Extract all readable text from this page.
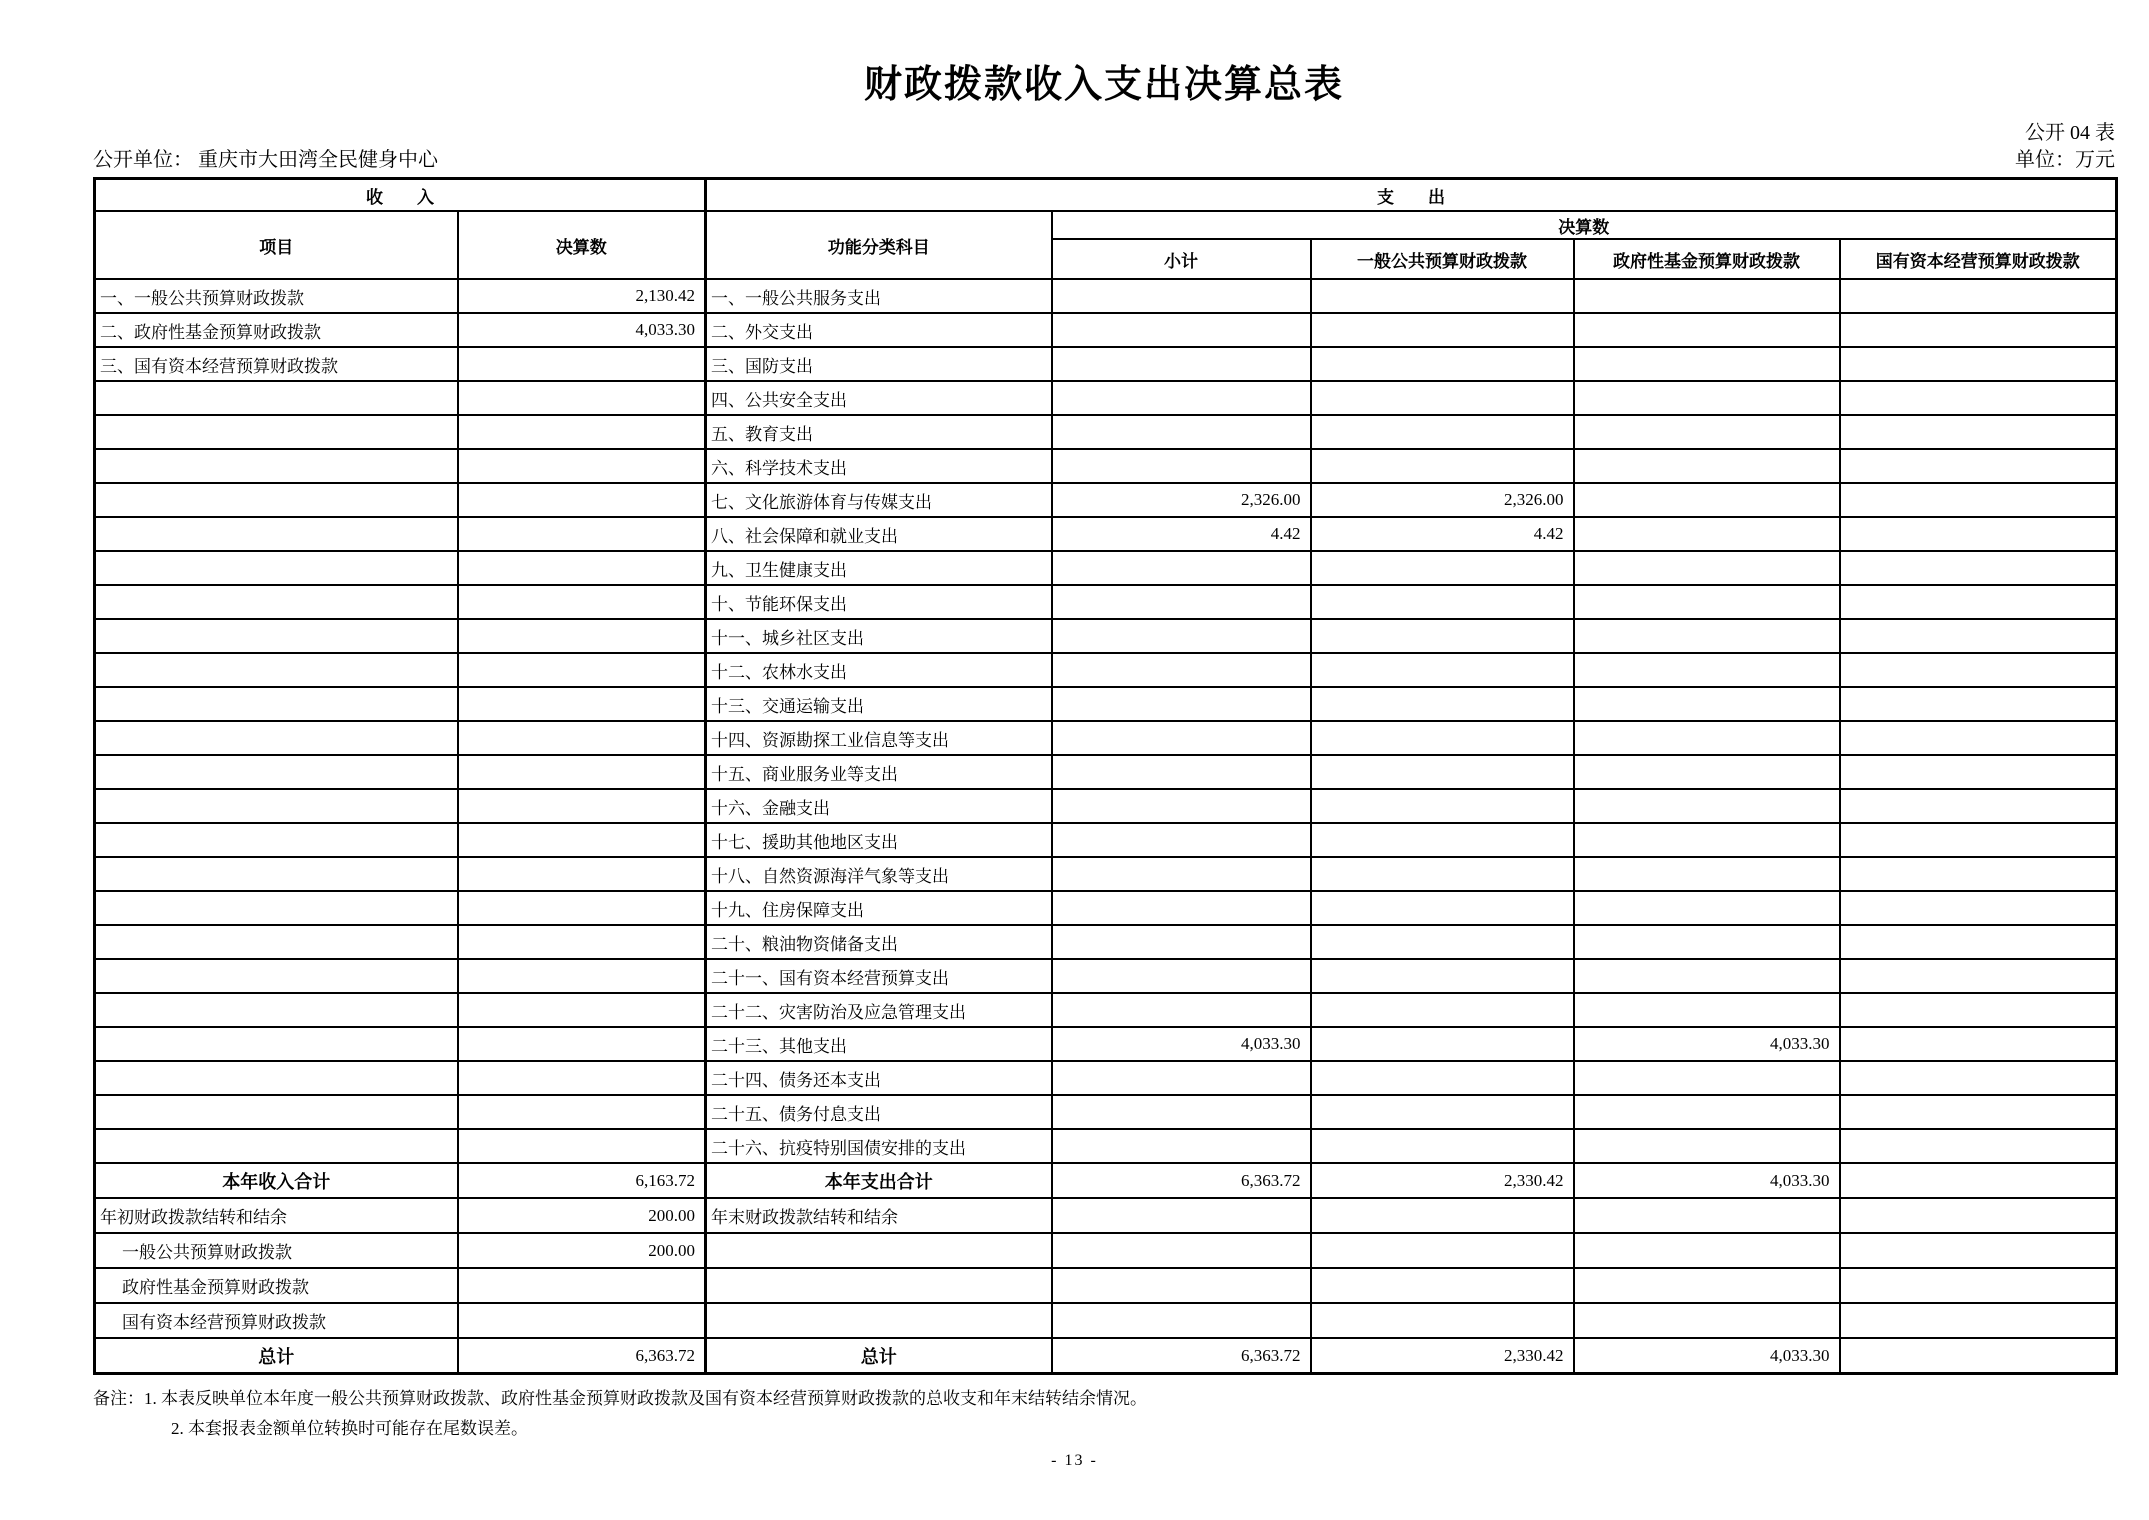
财政拨款收入支出决算总表
公开 04 表
公开单位： 重庆市大田湾全民健身中心	单位：万元
收　　入		支　　出				
项目	决算数	功能分类科目	决算数			
			小计	一般公共预算财政拨款	政府性基金预算财政拨款	国有资本经营预算财政拨款
一、一般公共预算财政拨款	2,130.42	一、一般公共服务支出				
二、政府性基金预算财政拨款	4,033.30	二、外交支出				
三、国有资本经营预算财政拨款		三、国防支出				
		四、公共安全支出				
		五、教育支出				
		六、科学技术支出				
		七、文化旅游体育与传媒支出	2,326.00	2,326.00		
		八、社会保障和就业支出	4.42	4.42		
		九、卫生健康支出				
		十、节能环保支出				
		十一、城乡社区支出				
		十二、农林水支出				
		十三、交通运输支出				
		十四、资源勘探工业信息等支出				
		十五、商业服务业等支出				
		十六、金融支出				
		十七、援助其他地区支出				
		十八、自然资源海洋气象等支出				
		十九、住房保障支出				
		二十、粮油物资储备支出				
		二十一、国有资本经营预算支出				
		二十二、灾害防治及应急管理支出				
		二十三、其他支出	4,033.30		4,033.30	
		二十四、债务还本支出				
		二十五、债务付息支出				
		二十六、抗疫特别国债安排的支出				
本年收入合计	6,163.72	本年支出合计	6,363.72	2,330.42	4,033.30	
年初财政拨款结转和结余	200.00	年末财政拨款结转和结余				
一般公共预算财政拨款	200.00					
政府性基金预算财政拨款						
国有资本经营预算财政拨款						
总计	6,363.72	总计	6,363.72	2,330.42	4,033.30	
备注：1. 本表反映单位本年度一般公共预算财政拨款、政府性基金预算财政拨款及国有资本经营预算财政拨款的总收支和年末结转结余情况。
2. 本套报表金额单位转换时可能存在尾数误差。
- 13 -
